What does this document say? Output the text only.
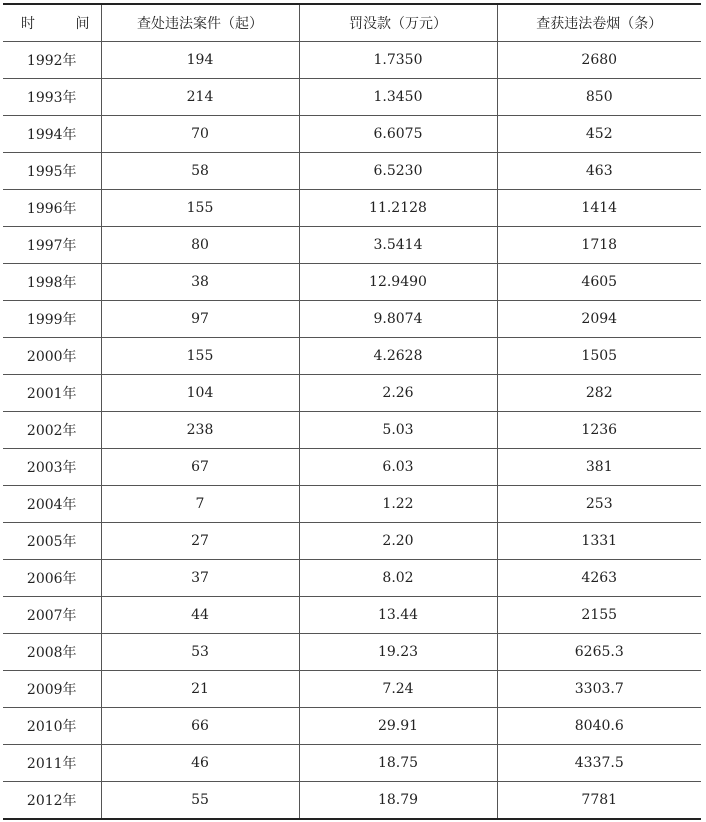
时 间	查处违法案件（起）	罚没款（万元）	查获违法卷烟（条）
1992年	194	1.7350	2680
1993年	214	1.3450	850
1994年	70	6.6075	452
1995年	58	6.5230	463
1996年	155	11.2128	1414
1997年	80	3.5414	1718
1998年	38	12.9490	4605
1999年	97	9.8074	2094
2000年	155	4.2628	1505
2001年	104	2.26	282
2002年	238	5.03	1236
2003年	67	6.03	381
2004年	7	1.22	253
2005年	27	2.20	1331
2006年	37	8.02	4263
2007年	44	13.44	2155
2008年	53	19.23	6265.3
2009年	21	7.24	3303.7
2010年	66	29.91	8040.6
2011年	46	18.75	4337.5
2012年	55	18.79	7781
